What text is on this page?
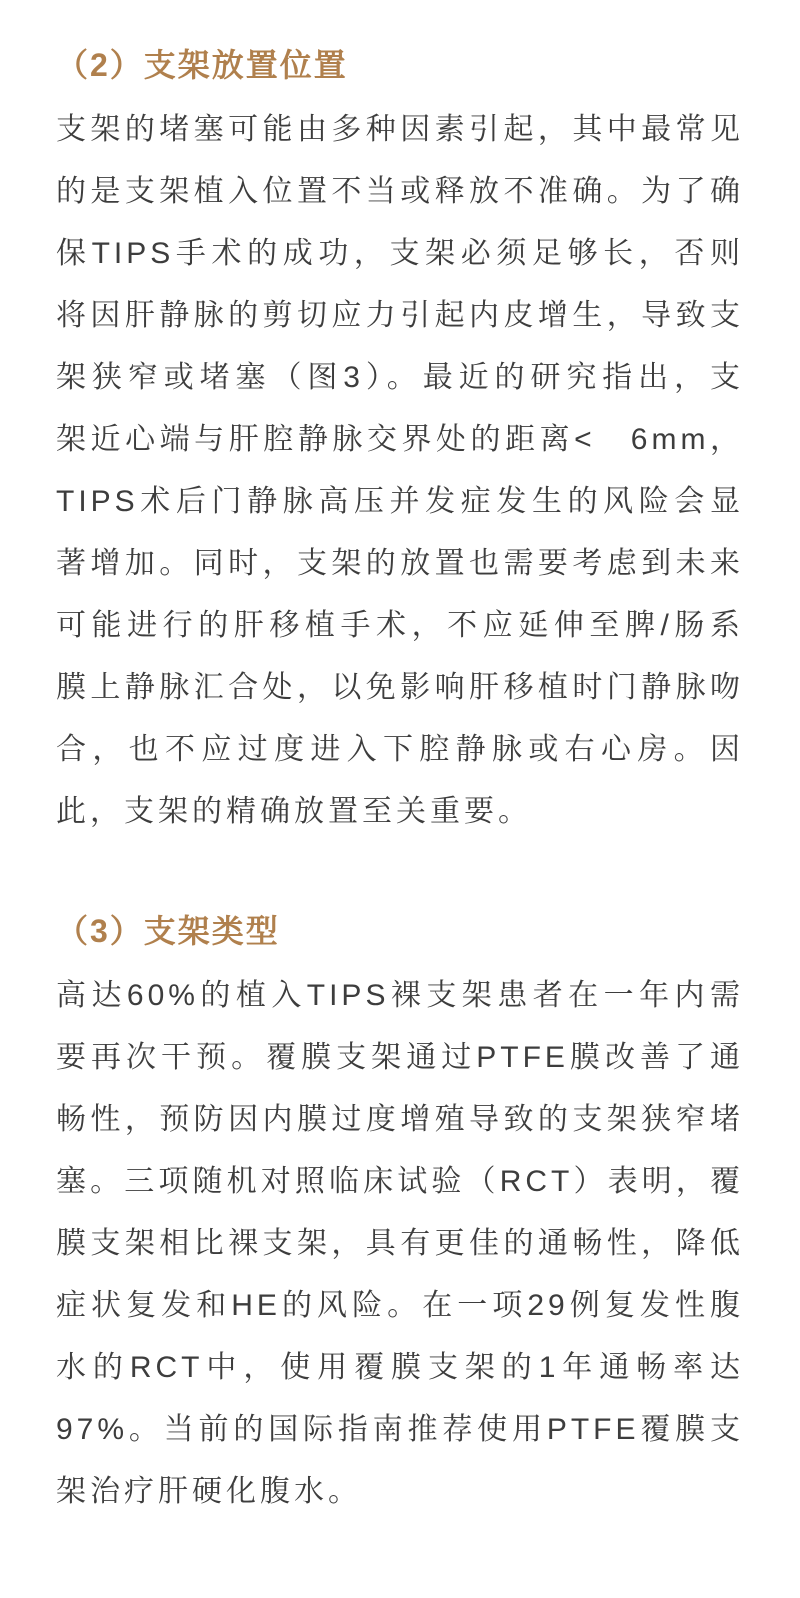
（2）支架放置位置
支架的堵塞可能由多种因素引起，其中最常见
的是支架植入位置不当或释放不准确。为了确
保TIPS手术的成功，支架必须足够长，否则
将因肝静脉的剪切应力引起内皮增生，导致支
架狭窄或堵塞（图3）。最近的研究指出，支
架近心端与肝腔静脉交界处的距离<　6mm，
TIPS术后门静脉高压并发症发生的风险会显
著增加。同时，支架的放置也需要考虑到未来
可能进行的肝移植手术，不应延伸至脾/肠系
膜上静脉汇合处，以免影响肝移植时门静脉吻
合，也不应过度进入下腔静脉或右心房。因
此，支架的精确放置至关重要。
（3）支架类型
高达60%的植入TIPS裸支架患者在一年内需
要再次干预。覆膜支架通过PTFE膜改善了通
畅性，预防因内膜过度增殖导致的支架狭窄堵
塞。三项随机对照临床试验（RCT）表明，覆
膜支架相比裸支架，具有更佳的通畅性，降低
症状复发和HE的风险。在一项29例复发性腹
水的RCT中，使用覆膜支架的1年通畅率达
97%。当前的国际指南推荐使用PTFE覆膜支
架治疗肝硬化腹水。
